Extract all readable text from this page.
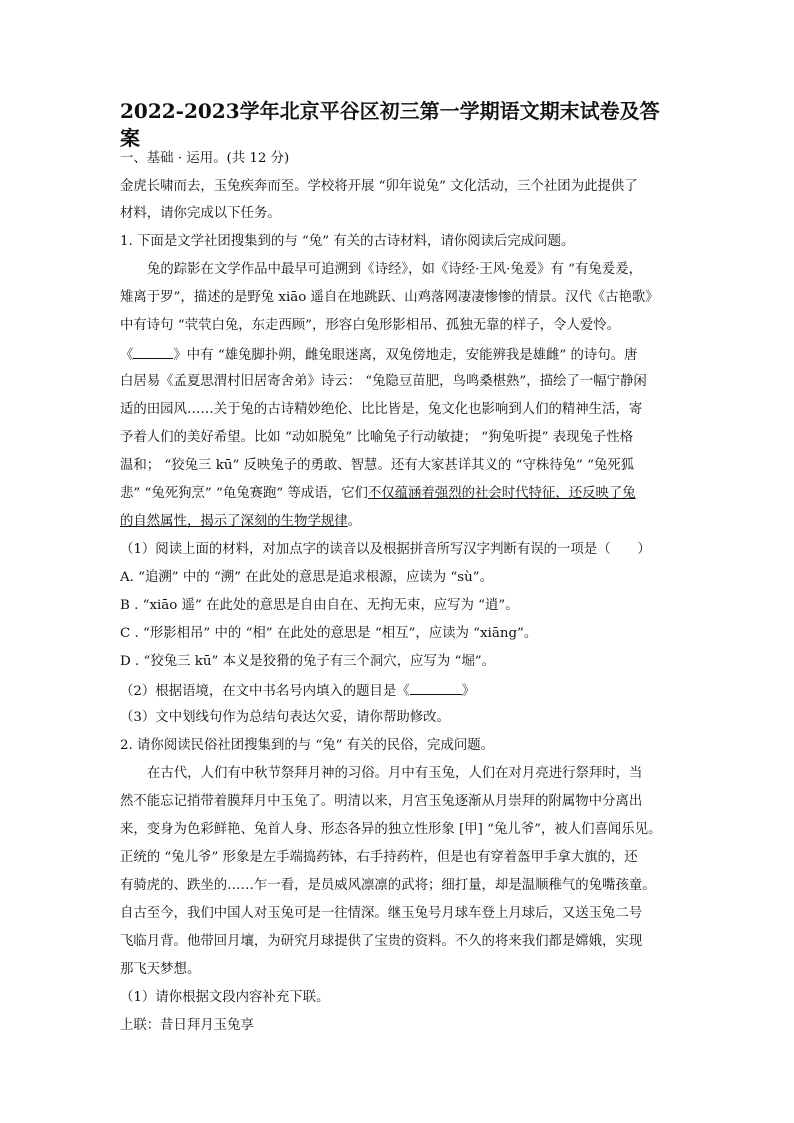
2022-2023学年北京平谷区初三第一学期语文期末试卷及答
案
一、基础 · 运用。(共 12 分)
金虎长啸而去，玉兔疾奔而至。学校将开展 “卯年说兔” 文化活动，三个社团为此提供了
材料，请你完成以下任务。
1. 下面是文学社团搜集到的与 “兔” 有关的古诗材料，请你阅读后完成问题。
兔的踪影在文学作品中最早可追溯到《诗经》，如《诗经·王风·兔爰》有 “有兔爰爰，
雉离于罗”，描述的是野兔 xiāo 遥自在地跳跃、山鸡落网凄凄惨惨的情景。汉代《古艳歌》
中有诗句 “茕茕白兔，东走西顾”，形容白兔形影相吊、孤独无靠的样子，令人爱怜。
《	》中有 “雄兔脚扑朔，雌兔眼迷离，双兔傍地走，安能辨我是雄雌” 的诗句。唐
白居易《孟夏思渭村旧居寄舍弟》诗云： “兔隐豆苗肥，鸟鸣桑椹熟”，描绘了一幅宁静闲
适的田园风……关于兔的古诗精妙绝伦、比比皆是，兔文化也影响到人们的精神生活，寄
予着人们的美好希望。比如 “动如脱兔” 比喻兔子行动敏捷； “狗兔听提” 表现兔子性格
温和； “狡兔三 kū” 反映兔子的勇敢、智慧。还有大家甚详其义的 “守株待兔” “兔死狐
悲” “兔死狗烹” “龟兔赛跑” 等成语，它们不仅蕴涵着强烈的社会时代特征，还反映了兔
的自然属性，揭示了深刻的生物学规律。
（1）阅读上面的材料，对加点字的读音以及根据拼音所写汉字判断有误的一项是（　　）
A. “追溯” 中的 “溯” 在此处的意思是追求根源，应读为 “sù”。
B . “xiāo 遥” 在此处的意思是自由自在、无拘无束，应写为 “逍”。
C . “形影相吊” 中的 “相” 在此处的意思是 “相互”，应读为 “xiāng”。
D . “狡兔三 kū” 本义是狡猾的兔子有三个洞穴，应写为 “堀”。
（2）根据语境，在文中书名号内填入的题目是《	》
（3）文中划线句作为总结句表达欠妥，请你帮助修改。
2. 请你阅读民俗社团搜集到的与 “兔” 有关的民俗，完成问题。
在古代，人们有中秋节祭拜月神的习俗。月中有玉兔，人们在对月亮进行祭拜时，当
然不能忘记捎带着膜拜月中玉兔了。明清以来，月宫玉兔逐渐从月崇拜的附属物中分离出
来，变身为色彩鲜艳、兔首人身、形态各异的独立性形象 [甲] “兔儿爷”，被人们喜闻乐见。
正统的 “兔儿爷” 形象是左手端捣药钵，右手持药杵，但是也有穿着盔甲手拿大旗的，还
有骑虎的、跌坐的……乍一看，是员威风凛凛的武将；细打量，却是温顺稚气的兔嘴孩童。
自古至今，我们中国人对玉兔可是一往情深。继玉兔号月球车登上月球后，又送玉兔二号
飞临月背。他带回月壤，为研究月球提供了宝贵的资料。不久的将来我们都是嫦娥，实现
那飞天梦想。
（1）请你根据文段内容补充下联。
上联：昔日拜月玉兔享
